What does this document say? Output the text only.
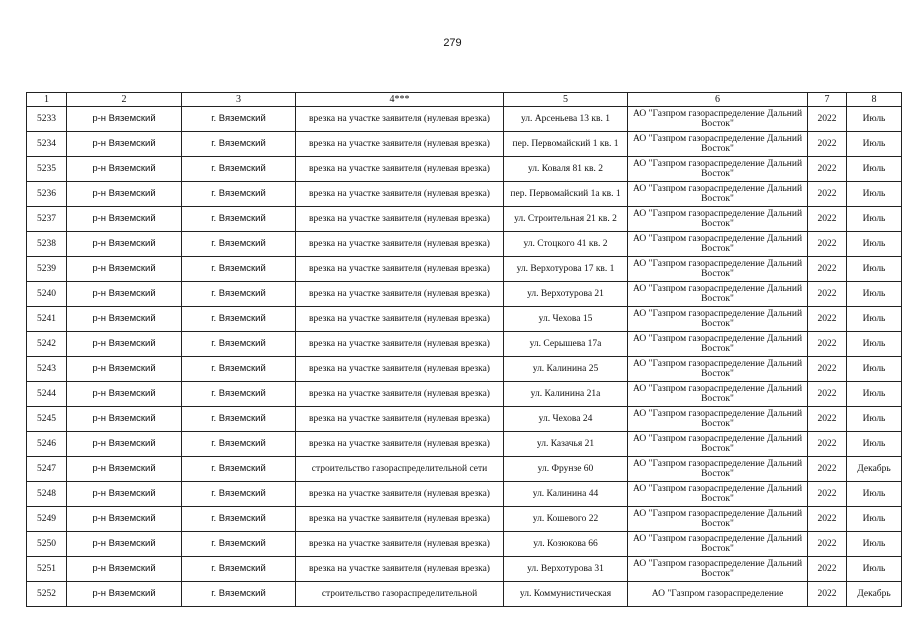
279
1	2	3	4***	5	6	7	8
5233	р-н Вяземский	г. Вяземский	врезка на участке заявителя (нулевая врезка)	ул. Арсеньева 13 кв. 1	АО "Газпром газораспределение Дальний Восток"	2022	Июль
5234	р-н Вяземский	г. Вяземский	врезка на участке заявителя (нулевая врезка)	пер. Первомайский 1 кв. 1	АО "Газпром газораспределение Дальний Восток"	2022	Июль
5235	р-н Вяземский	г. Вяземский	врезка на участке заявителя (нулевая врезка)	ул. Коваля 81 кв. 2	АО "Газпром газораспределение Дальний Восток"	2022	Июль
5236	р-н Вяземский	г. Вяземский	врезка на участке заявителя (нулевая врезка)	пер. Первомайский 1а кв. 1	АО "Газпром газораспределение Дальний Восток"	2022	Июль
5237	р-н Вяземский	г. Вяземский	врезка на участке заявителя (нулевая врезка)	ул. Строительная 21 кв. 2	АО "Газпром газораспределение Дальний Восток"	2022	Июль
5238	р-н Вяземский	г. Вяземский	врезка на участке заявителя (нулевая врезка)	ул. Стоцкого 41 кв. 2	АО "Газпром газораспределение Дальний Восток"	2022	Июль
5239	р-н Вяземский	г. Вяземский	врезка на участке заявителя (нулевая врезка)	ул. Верхотурова 17 кв. 1	АО "Газпром газораспределение Дальний Восток"	2022	Июль
5240	р-н Вяземский	г. Вяземский	врезка на участке заявителя (нулевая врезка)	ул. Верхотурова 21	АО "Газпром газораспределение Дальний Восток"	2022	Июль
5241	р-н Вяземский	г. Вяземский	врезка на участке заявителя (нулевая врезка)	ул. Чехова 15	АО "Газпром газораспределение Дальний Восток"	2022	Июль
5242	р-н Вяземский	г. Вяземский	врезка на участке заявителя (нулевая врезка)	ул. Серышева 17а	АО "Газпром газораспределение Дальний Восток"	2022	Июль
5243	р-н Вяземский	г. Вяземский	врезка на участке заявителя (нулевая врезка)	ул. Калинина 25	АО "Газпром газораспределение Дальний Восток"	2022	Июль
5244	р-н Вяземский	г. Вяземский	врезка на участке заявителя (нулевая врезка)	ул. Калинина 21а	АО "Газпром газораспределение Дальний Восток"	2022	Июль
5245	р-н Вяземский	г. Вяземский	врезка на участке заявителя (нулевая врезка)	ул. Чехова 24	АО "Газпром газораспределение Дальний Восток"	2022	Июль
5246	р-н Вяземский	г. Вяземский	врезка на участке заявителя (нулевая врезка)	ул. Казачья 21	АО "Газпром газораспределение Дальний Восток"	2022	Июль
5247	р-н Вяземский	г. Вяземский	строительство газораспределительной сети	ул. Фрунзе 60	АО "Газпром газораспределение Дальний Восток"	2022	Декабрь
5248	р-н Вяземский	г. Вяземский	врезка на участке заявителя (нулевая врезка)	ул. Калинина 44	АО "Газпром газораспределение Дальний Восток"	2022	Июль
5249	р-н Вяземский	г. Вяземский	врезка на участке заявителя (нулевая врезка)	ул. Кошевого 22	АО "Газпром газораспределение Дальний Восток"	2022	Июль
5250	р-н Вяземский	г. Вяземский	врезка на участке заявителя (нулевая врезка)	ул. Козюкова 66	АО "Газпром газораспределение Дальний Восток"	2022	Июль
5251	р-н Вяземский	г. Вяземский	врезка на участке заявителя (нулевая врезка)	ул. Верхотурова 31	АО "Газпром газораспределение Дальний Восток"	2022	Июль
5252	р-н Вяземский	г. Вяземский	строительство газораспределительной	ул. Коммунистическая	АО "Газпром газораспределение	2022	Декабрь
